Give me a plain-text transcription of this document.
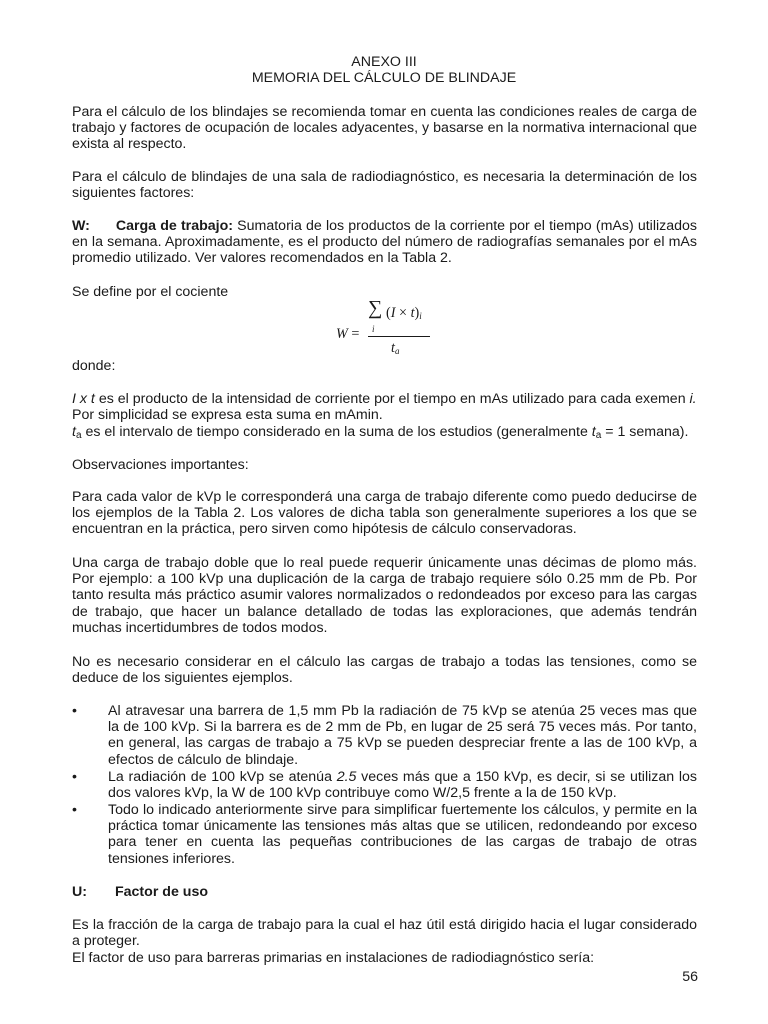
ANEXO III
MEMORIA DEL CÁLCULO DE BLINDAJE
Para el cálculo de los blindajes se recomienda tomar en cuenta las condiciones reales de carga de trabajo y factores de ocupación de locales adyacentes, y basarse en la normativa internacional que exista al respecto.
Para el cálculo de blindajes de una sala de radiodiagnóstico, es necesaria la determinación de los siguientes factores:
W: Carga de trabajo: Sumatoria de los productos de la corriente por el tiempo (mAs) utilizados en la semana. Aproximadamente, es el producto del número de radiografías semanales por el mAs promedio utilizado. Ver valores recomendados en la Tabla 2.
Se define por el cociente
W =
∑
i
$(I \times t)_i$
$t_a$
donde:
I x t es el producto de la intensidad de corriente por el tiempo en mAs utilizado para cada exemen i.
Por simplicidad se expresa esta suma en mAmin.
$t_a$ es el intervalo de tiempo considerado en la suma de los estudios (generalmente $t_a = 1$ semana).
Observaciones importantes:
Para cada valor de kVp le corresponderá una carga de trabajo diferente como puedo deducirse de los ejemplos de la Tabla 2. Los valores de dicha tabla son generalmente superiores a los que se encuentran en la práctica, pero sirven como hipótesis de cálculo conservadoras.
Una carga de trabajo doble que lo real puede requerir únicamente unas décimas de plomo más. Por ejemplo: a 100 kVp una duplicación de la carga de trabajo requiere sólo 0.25 mm de Pb. Por tanto resulta más práctico asumir valores normalizados o redondeados por exceso para las cargas de trabajo, que hacer un balance detallado de todas las exploraciones, que además tendrán muchas incertidumbres de todos modos.
No es necesario considerar en el cálculo las cargas de trabajo a todas las tensiones, como se deduce de los siguientes ejemplos.
• Al atravesar una barrera de 1,5 mm Pb la radiación de 75 kVp se atenúa 25 veces mas que la de 100 kVp. Si la barrera es de 2 mm de Pb, en lugar de 25 será 75 veces más. Por tanto, en general, las cargas de trabajo a 75 kVp se pueden despreciar frente a las de 100 kVp, a efectos de cálculo de blindaje.
• La radiación de 100 kVp se atenúa 2.5 veces más que a 150 kVp, es decir, si se utilizan los dos valores kVp, la W de 100 kVp contribuye como W/2,5 frente a la de 150 kVp.
• Todo lo indicado anteriormente sirve para simplificar fuertemente los cálculos, y permite en la práctica tomar únicamente las tensiones más altas que se utilicen, redondeando por exceso para tener en cuenta las pequeñas contribuciones de las cargas de trabajo de otras tensiones inferiores.
U: Factor de uso
Es la fracción de la carga de trabajo para la cual el haz útil está dirigido hacia el lugar considerado a proteger.
El factor de uso para barreras primarias en instalaciones de radiodiagnóstico sería:
56
